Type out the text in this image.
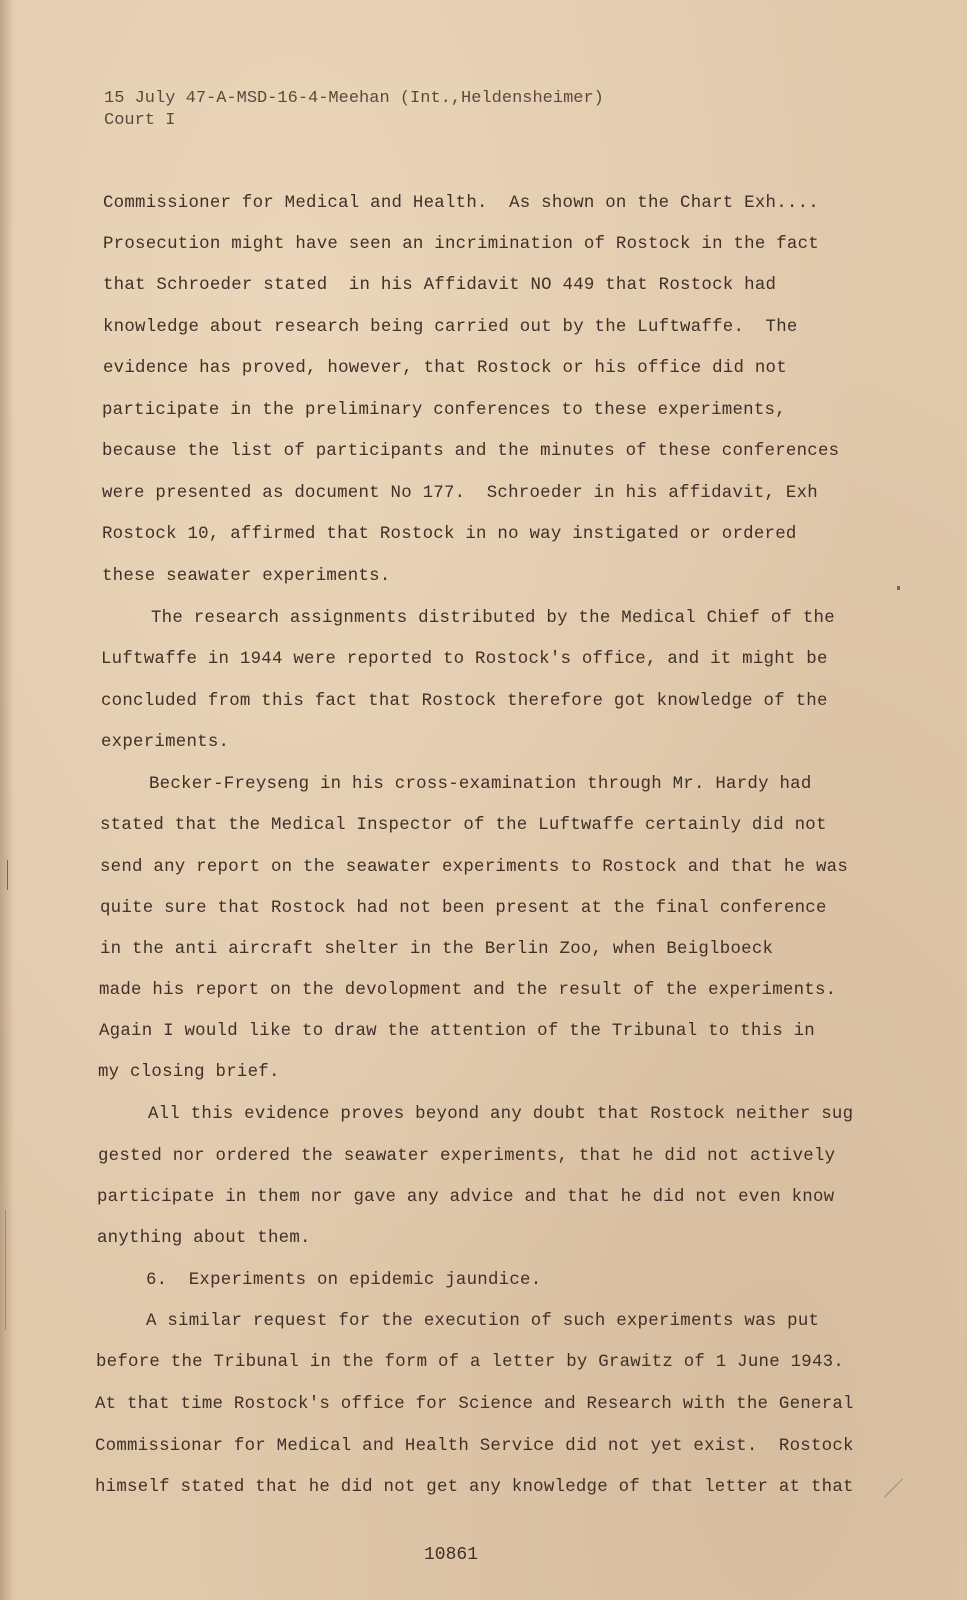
15 July 47-A-MSD-16-4-Meehan (Int.,Heldensheimer)
Court I
Commissioner for Medical and Health.  As shown on the Chart Exh....
Prosecution might have seen an incrimination of Rostock in the fact
that Schroeder stated  in his Affidavit NO 449 that Rostock had
knowledge about research being carried out by the Luftwaffe.  The
evidence has proved, however, that Rostock or his office did not
participate in the preliminary conferences to these experiments,
because the list of participants and the minutes of these conferences
were presented as document No 177.  Schroeder in his affidavit, Exh
Rostock 10, affirmed that Rostock in no way instigated or ordered
these seawater experiments.
The research assignments distributed by the Medical Chief of the
Luftwaffe in 1944 were reported to Rostock's office, and it might be
concluded from this fact that Rostock therefore got knowledge of the
experiments.
Becker-Freyseng in his cross-examination through Mr. Hardy had
stated that the Medical Inspector of the Luftwaffe certainly did not
send any report on the seawater experiments to Rostock and that he was
quite sure that Rostock had not been present at the final conference
in the anti aircraft shelter in the Berlin Zoo, when Beiglboeck
made his report on the devolopment and the result of the experiments.
Again I would like to draw the attention of the Tribunal to this in
my closing brief.
All this evidence proves beyond any doubt that Rostock neither sug
gested nor ordered the seawater experiments, that he did not actively
participate in them nor gave any advice and that he did not even know
anything about them.
6.  Experiments on epidemic jaundice.
A similar request for the execution of such experiments was put
before the Tribunal in the form of a letter by Grawitz of 1 June 1943.
At that time Rostock's office for Science and Research with the General
Commissionar for Medical and Health Service did not yet exist.  Rostock
himself stated that he did not get any knowledge of that letter at that
10861
